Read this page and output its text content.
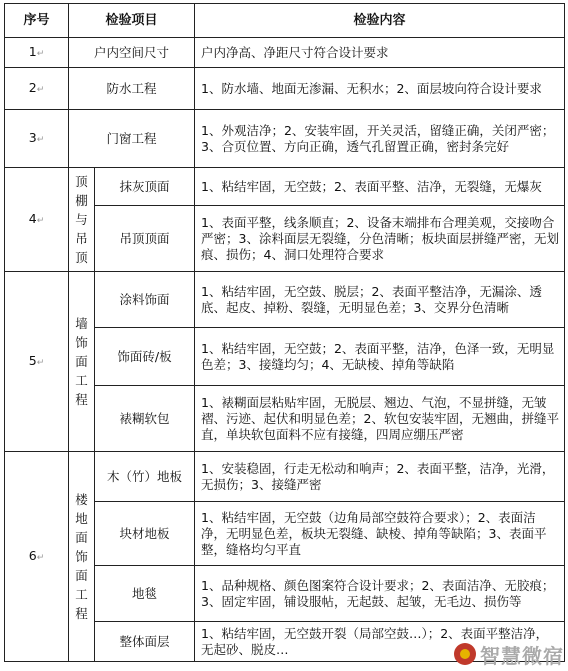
序号	检验项目		检验内容
1↵	户内空间尺寸		户内净高、净距尺寸符合设计要求
2↵	防水工程		1、防水墙、地面无渗漏、无积水；2、面层坡向符合设计要求
3↵	门窗工程		1、外观洁净；2、安装牢固，开关灵活，留缝正确，关闭严密；3、合页位置、方向正确，透气孔留置正确，密封条完好
4↵	顶棚与吊顶	抹灰顶面	1、粘结牢固，无空鼓；2、表面平整、洁净，无裂缝，无爆灰
		吊顶顶面	1、表面平整，线条顺直；2、设备末端排布合理美观，交接吻合严密；3、涂料面层无裂缝，分色清晰；板块面层拼缝严密，无划痕、损伤；4、洞口处理符合要求
5↵	墙饰面工程	涂料饰面	1、粘结牢固，无空鼓、脱层；2、表面平整洁净，无漏涂、透底、起皮、掉粉、裂缝，无明显色差；3、交界分色清晰
		饰面砖/板	1、粘结牢固，无空鼓；2、表面平整，洁净，色泽一致，无明显色差；3、接缝均匀；4、无缺棱、掉角等缺陷
		裱糊软包	1、裱糊面层粘贴牢固，无脱层、翘边、气泡，不显拼缝，无皱褶、污迹、起伏和明显色差；2、软包安装牢固，无翘曲，拼缝平直，单块软包面料不应有接缝，四周应绷压严密
6↵	楼地面饰面工程	木（竹）地板	1、安装稳固，行走无松动和响声；2、表面平整，洁净，光滑，无损伤；3、接缝严密
		块材地板	1、粘结牢固，无空鼓（边角局部空鼓符合要求）；2、表面洁净，无明显色差，板块无裂缝、缺棱、掉角等缺陷；3、表面平整，缝格均匀平直
		地毯	1、品种规格、颜色图案符合设计要求；2、表面洁净、无胶痕；3、固定牢固，铺设服帖，无起鼓、起皱，无毛边、损伤等
		整体面层	1、粘结牢固，无空鼓开裂（局部空鼓…）；2、表面平整洁净，无起砂、脱皮…	智慧微宿
